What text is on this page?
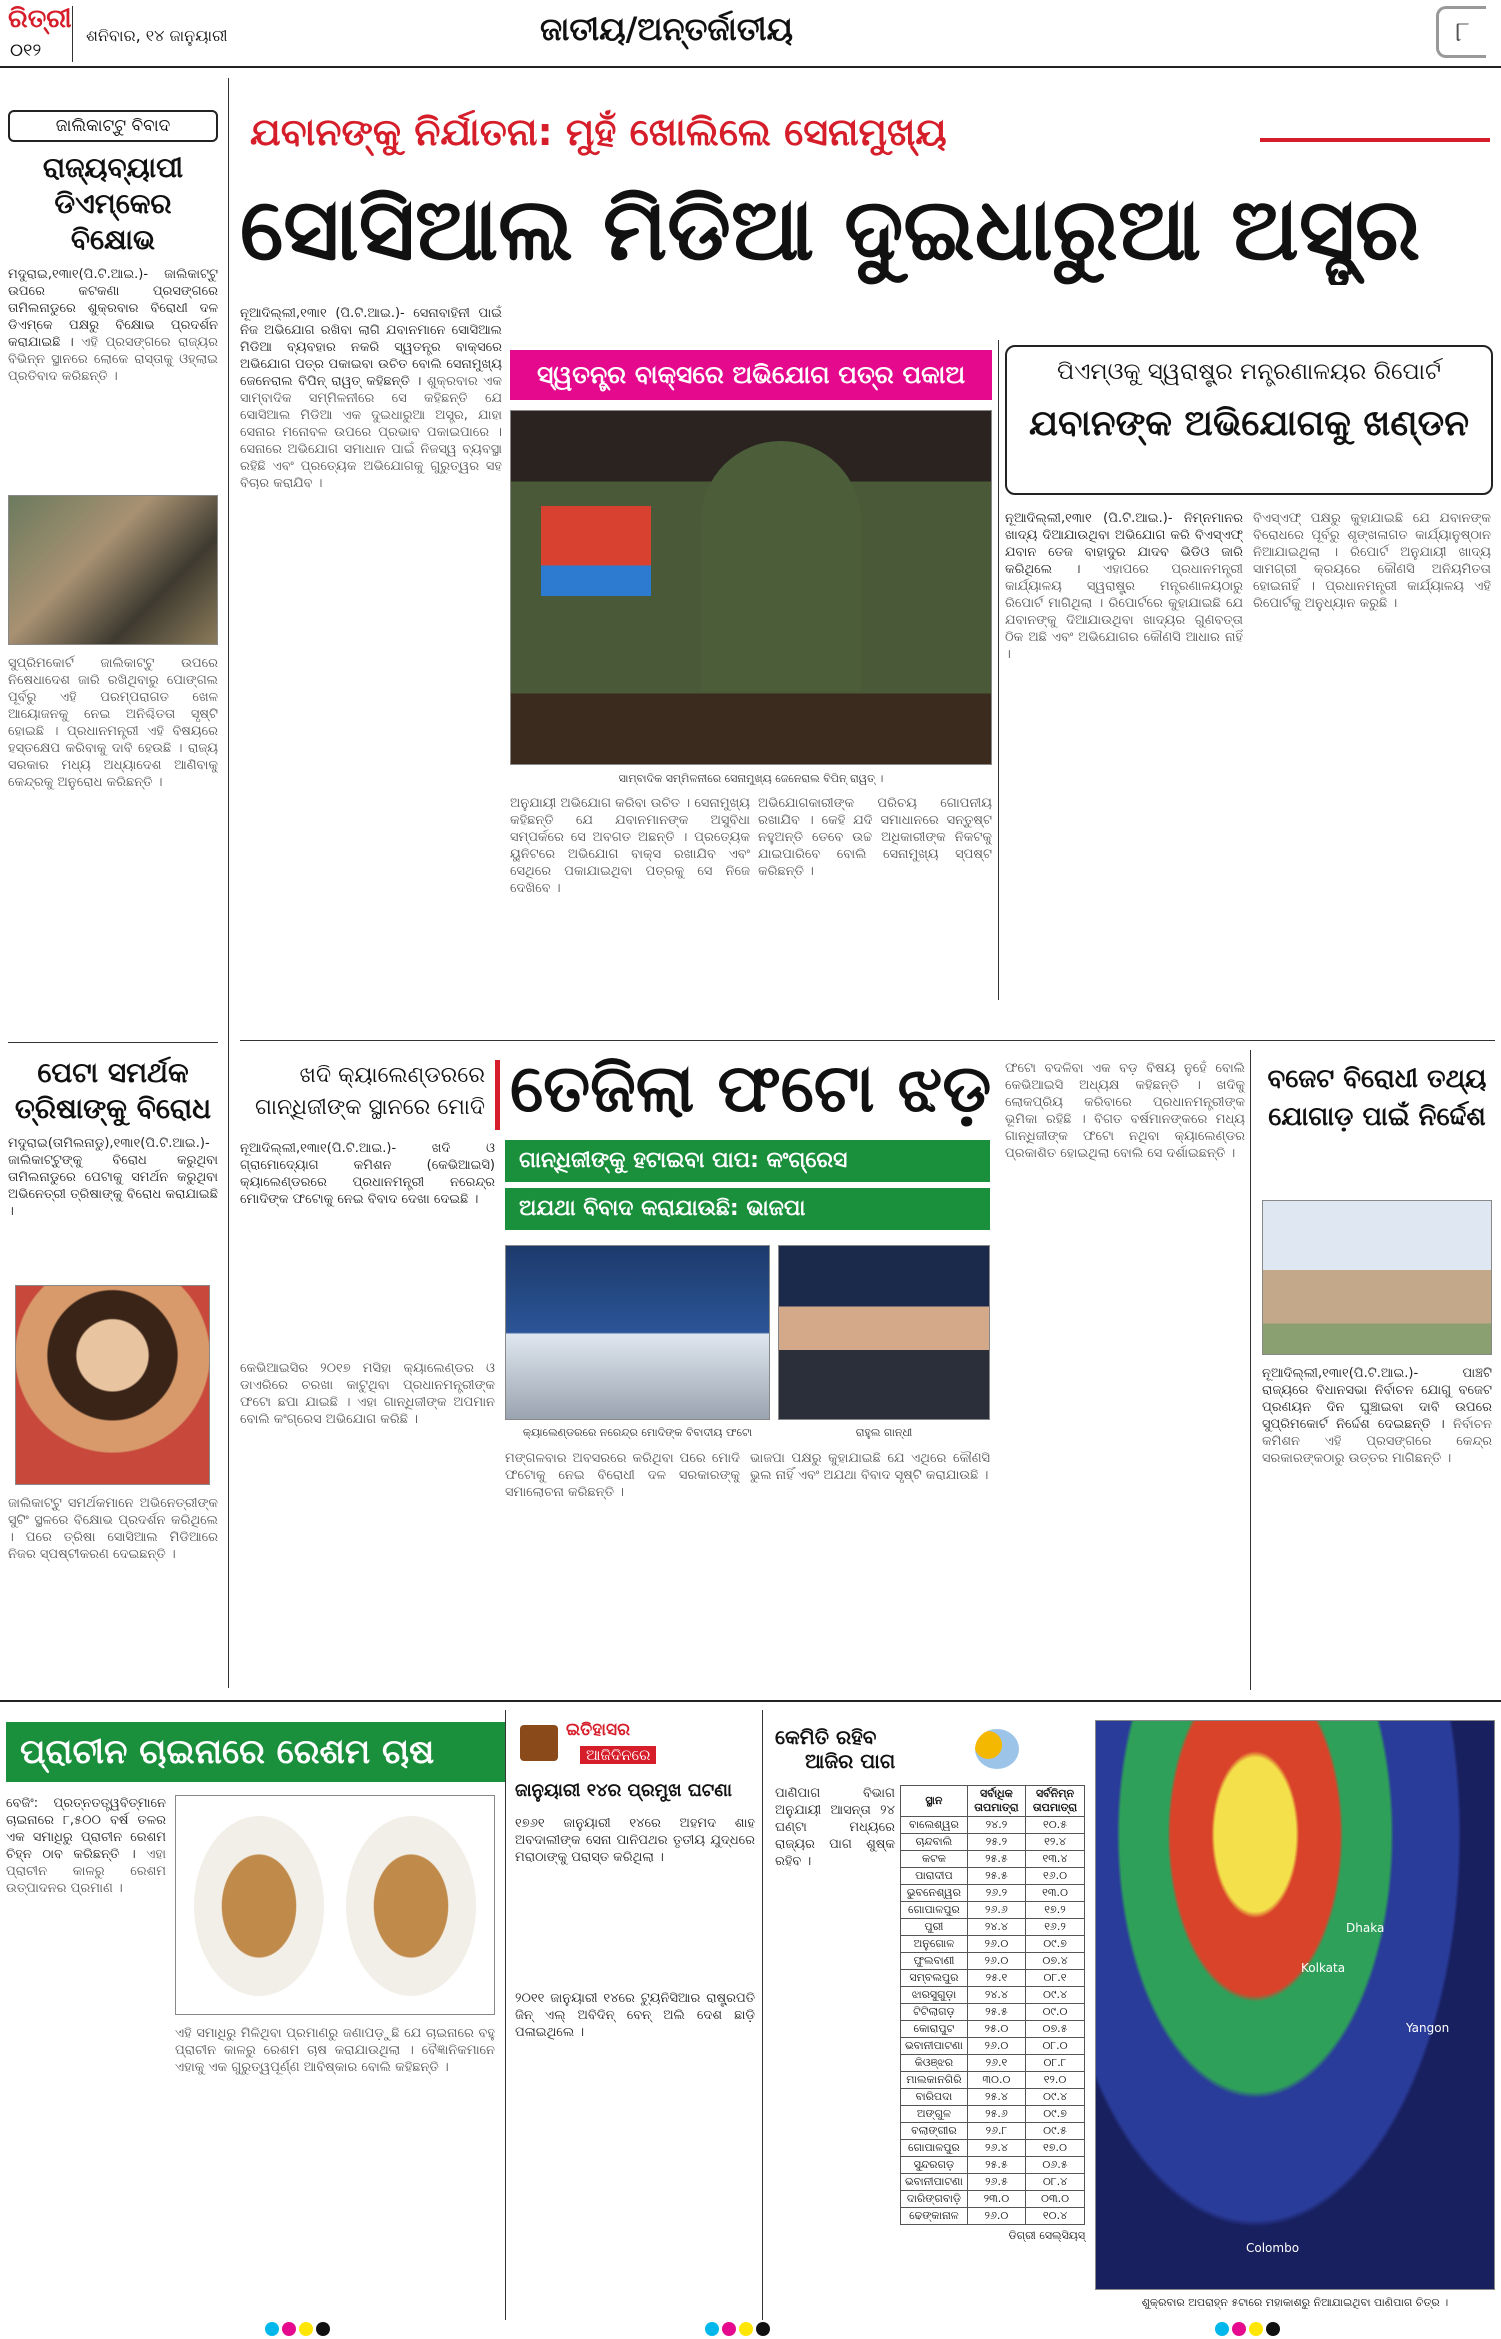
ରିତ୍ରୀ
୦୧୨
ଶନିବାର, ୧୪ ଜାନୁୟାରୀ	ଜାତୀୟ/ଅନ୍ତର୍ଜାତୀୟ	୮
ଜାଲିକାଟ୍ଟୁ ବିବାଦ
ରାଜ୍ୟବ୍ୟାପୀ ଡିଏମ୍‌କେର ବିକ୍ଷୋଭ
ମଦୁରାଇ,୧୩ା୧(ପି.ଟି.ଆଇ.)- ଜାଲିକାଟ୍ଟୁ ଉପରେ କଟକଣା ପ୍ରସଙ୍ଗରେ ତାମିଲନାଡୁରେ ଶୁକ୍ରବାର ବିରୋଧୀ ଦଳ ଡିଏମ୍‌କେ ପକ୍ଷରୁ ବିକ୍ଷୋଭ ପ୍ରଦର୍ଶନ କରାଯାଇଛି । ଏହି ପ୍ରସଙ୍ଗରେ ରାଜ୍ୟର ବିଭିନ୍ନ ସ୍ଥାନରେ ଲୋକେ ରାସ୍ତାକୁ ଓହ୍ଲାଇ ପ୍ରତିବାଦ କରିଛନ୍ତି ।
ସୁପ୍ରିମକୋର୍ଟ ଜାଲିକାଟ୍ଟୁ ଉପରେ ନିଷେଧାଦେଶ ଜାରି ରଖିଥିବାରୁ ପୋଙ୍ଗଲ ପୂର୍ବରୁ ଏହି ପରମ୍ପରାଗତ ଖେଳ ଆୟୋଜନକୁ ନେଇ ଅନିଶ୍ଚିତତା ସୃଷ୍ଟି ହୋଇଛି । ପ୍ରଧାନମନ୍ତ୍ରୀ ଏହି ବିଷୟରେ ହସ୍ତକ୍ଷେପ କରିବାକୁ ଦାବି ହେଉଛି । ରାଜ୍ୟ ସରକାର ମଧ୍ୟ ଅଧ୍ୟାଦେଶ ଆଣିବାକୁ କେନ୍ଦ୍ରକୁ ଅନୁରୋଧ କରିଛନ୍ତି ।
ପେଟା ସମର୍ଥକ ତ୍ରିଷାଙ୍କୁ ବିରୋଧ
ମଦୁରାଇ(ତାମିଲନାଡୁ),୧୩ା୧(ପି.ଟି.ଆଇ.)- ଜାଲିକାଟ୍ଟୁଙ୍କୁ ବିରୋଧ କରୁଥିବା ତାମିଲନାଡୁରେ ପେଟାକୁ ସମର୍ଥନ କରୁଥିବା ଅଭିନେତ୍ରୀ ତ୍ରିଷାଙ୍କୁ ବିରୋଧ କରାଯାଇଛି ।
ଜାଲିକାଟ୍ଟୁ ସମର୍ଥକମାନେ ଅଭିନେତ୍ରୀଙ୍କ ସୁଟିଂ ସ୍ଥଳରେ ବିକ୍ଷୋଭ ପ୍ରଦର୍ଶନ କରିଥିଲେ । ପରେ ତ୍ରିଷା ସୋସିଆଲ ମିଡିଆରେ ନିଜର ସ୍ପଷ୍ଟୀକରଣ ଦେଇଛନ୍ତି ।
ଯବାନଙ୍କୁ ନିର୍ଯାତନା: ମୁହଁ ଖୋଲିଲେ ସେନାମୁଖ୍ୟ
ସୋସିଆଲ ମିଡିଆ ଦୁଇଧାରୁଆ ଅସ୍ତ୍ର
ନୂଆଦିଲ୍ଲୀ,୧୩ା୧ (ପି.ଟି.ଆଇ.)- ସେନାବାହିନୀ ପାଇଁ ନିଜ ଅଭିଯୋଗ ରଖିବା ଲାଗି ଯବାନମାନେ ସୋସିଆଲ ମିଡିଆ ବ୍ୟବହାର ନକରି ସ୍ୱତନ୍ତ୍ର ବାକ୍ସରେ ଅଭିଯୋଗ ପତ୍ର ପକାଇବା ଉଚିତ ବୋଲି ସେନାମୁଖ୍ୟ ଜେନେରାଲ ବିପିନ୍ ରାୱତ୍ କହିଛନ୍ତି । ଶୁକ୍ରବାର ଏକ ସାମ୍ବାଦିକ ସମ୍ମିଳନୀରେ ସେ କହିଛନ୍ତି ଯେ ସୋସିଆଲ ମିଡିଆ ଏକ ଦୁଇଧାରୁଆ ଅସ୍ତ୍ର, ଯାହା ସେନାର ମନୋବଳ ଉପରେ ପ୍ରଭାବ ପକାଇପାରେ । ସେନାରେ ଅଭିଯୋଗ ସମାଧାନ ପାଇଁ ନିଜସ୍ୱ ବ୍ୟବସ୍ଥା ରହିଛି ଏବଂ ପ୍ରତ୍ୟେକ ଅଭିଯୋଗକୁ ଗୁରୁତ୍ୱର ସହ ବିଚାର କରାଯିବ ।
ସ୍ୱତନ୍ତ୍ର ବାକ୍ସରେ ଅଭିଯୋଗ ପତ୍ର ପକାଅ
ସାମ୍ବାଦିକ ସମ୍ମିଳନୀରେ ସେନାମୁଖ୍ୟ ଜେନେରାଲ ବିପିନ୍ ରାୱତ୍ ।
ଅନୁଯାୟୀ ଅଭିଯୋଗ କରିବା ଉଚିତ । ସେନାମୁଖ୍ୟ କହିଛନ୍ତି ଯେ ଯବାନମାନଙ୍କ ଅସୁବିଧା ସମ୍ପର୍କରେ ସେ ଅବଗତ ଅଛନ୍ତି । ପ୍ରତ୍ୟେକ ୟୁନିଟରେ ଅଭିଯୋଗ ବାକ୍ସ ରଖାଯିବ ଏବଂ ସେଥିରେ ପକାଯାଇଥିବା ପତ୍ରକୁ ସେ ନିଜେ ଦେଖିବେ ।
ଅଭିଯୋଗକାରୀଙ୍କ ପରିଚୟ ଗୋପନୀୟ ରଖାଯିବ । କେହି ଯଦି ସମାଧାନରେ ସନ୍ତୁଷ୍ଟ ନହୁଅନ୍ତି ତେବେ ଉଚ୍ଚ ଅଧିକାରୀଙ୍କ ନିକଟକୁ ଯାଇପାରିବେ ବୋଲି ସେନାମୁଖ୍ୟ ସ୍ପଷ୍ଟ କରିଛନ୍ତି ।
ପିଏମ୍‌ଓକୁ ସ୍ୱରାଷ୍ଟ୍ର ମନ୍ତ୍ରଣାଳୟର ରିପୋର୍ଟ
ଯବାନଙ୍କ ଅଭିଯୋଗକୁ ଖଣ୍ଡନ
ନୂଆଦିଲ୍ଲୀ,୧୩ା୧ (ପି.ଟି.ଆଇ.)- ନିମ୍ନମାନର ଖାଦ୍ୟ ଦିଆଯାଉଥିବା ଅଭିଯୋଗ କରି ବିଏସ୍‌ଏଫ୍ ଯବାନ ତେଜ ବାହାଦୁର ଯାଦବ ଭିଡିଓ ଜାରି କରିଥିଲେ । ଏହାପରେ ପ୍ରଧାନମନ୍ତ୍ରୀ କାର୍ଯ୍ୟାଳୟ ସ୍ୱରାଷ୍ଟ୍ର ମନ୍ତ୍ରଣାଳୟଠାରୁ ରିପୋର୍ଟ ମାଗିଥିଲା । ରିପୋର୍ଟରେ କୁହାଯାଇଛି ଯେ ଯବାନଙ୍କୁ ଦିଆଯାଉଥିବା ଖାଦ୍ୟର ଗୁଣବତ୍ତା ଠିକ ଅଛି ଏବଂ ଅଭିଯୋଗର କୌଣସି ଆଧାର ନାହିଁ ।
ବିଏସ୍‌ଏଫ୍ ପକ୍ଷରୁ କୁହାଯାଇଛି ଯେ ଯବାନଙ୍କ ବିରୋଧରେ ପୂର୍ବରୁ ଶୃଙ୍ଖଳାଗତ କାର୍ଯ୍ୟାନୁଷ୍ଠାନ ନିଆଯାଇଥିଲା । ରିପୋର୍ଟ ଅନୁଯାୟୀ ଖାଦ୍ୟ ସାମଗ୍ରୀ କ୍ରୟରେ କୌଣସି ଅନିୟମିତତା ହୋଇନାହିଁ । ପ୍ରଧାନମନ୍ତ୍ରୀ କାର୍ଯ୍ୟାଳୟ ଏହି ରିପୋର୍ଟକୁ ଅନୁଧ୍ୟାନ କରୁଛି ।
ଖଦି କ୍ୟାଲେଣ୍ଡରରେ ଗାନ୍ଧିଜୀଙ୍କ ସ୍ଥାନରେ ମୋଦି ତେଜିଲା ଫଟୋ ଝଡ଼
ଗାନ୍ଧିଜୀଙ୍କୁ ହଟାଇବା ପାପ: କଂଗ୍ରେସ
ଅଯଥା ବିବାଦ କରାଯାଉଛି: ଭାଜପା
ନୂଆଦିଲ୍ଲୀ,୧୩ା୧(ପି.ଟି.ଆଇ.)- ଖଦି ଓ ଗ୍ରାମୋଦ୍ୟୋଗ କମିଶନ (କେଭିଆଇସି) କ୍ୟାଲେଣ୍ଡରରେ ପ୍ରଧାନମନ୍ତ୍ରୀ ନରେନ୍ଦ୍ର ମୋଦିଙ୍କ ଫଟୋକୁ ନେଇ ବିବାଦ ଦେଖା ଦେଇଛି ।
କ୍ୟାଲେଣ୍ଡରରେ ନରେନ୍ଦ୍ର ମୋଦିଙ୍କ ବିବାଦୀୟ ଫଟୋ	ରାହୁଲ ଗାନ୍ଧୀ
କେଭିଆଇସିର ୨୦୧୭ ମସିହା କ୍ୟାଲେଣ୍ଡର ଓ ଡାଏରିରେ ଚରଖା କାଟୁଥିବା ପ୍ରଧାନମନ୍ତ୍ରୀଙ୍କ ଫଟୋ ଛପା ଯାଇଛି । ଏହା ଗାନ୍ଧିଜୀଙ୍କ ଅପମାନ ବୋଲି କଂଗ୍ରେସ ଅଭିଯୋଗ କରିଛି ।
ମଙ୍ଗଳବାର ଅବସରରେ କରିଥିବା ପରେ ମୋଦି ଫଟୋକୁ ନେଇ ବିରୋଧୀ ଦଳ ସରକାରଙ୍କୁ ସମାଲୋଚନା କରିଛନ୍ତି ।
ଭାଜପା ପକ୍ଷରୁ କୁହାଯାଇଛି ଯେ ଏଥିରେ କୌଣସି ଭୁଲ ନାହିଁ ଏବଂ ଅଯଥା ବିବାଦ ସୃଷ୍ଟି କରାଯାଉଛି ।
ଫଟୋ ବଦଳିବା ଏକ ବଡ଼ ବିଷୟ ନୁହେଁ ବୋଲି କେଭିଆଇସି ଅଧ୍ୟକ୍ଷ କହିଛନ୍ତି । ଖଦିକୁ ଲୋକପ୍ରିୟ କରିବାରେ ପ୍ରଧାନମନ୍ତ୍ରୀଙ୍କ ଭୂମିକା ରହିଛି । ବିଗତ ବର୍ଷମାନଙ୍କରେ ମଧ୍ୟ ଗାନ୍ଧିଜୀଙ୍କ ଫଟୋ ନଥିବା କ୍ୟାଲେଣ୍ଡର ପ୍ରକାଶିତ ହୋଇଥିଲା ବୋଲି ସେ ଦର୍ଶାଇଛନ୍ତି ।
ବଜେଟ ବିରୋଧୀ ତଥ୍ୟ ଯୋଗାଡ଼ ପାଇଁ ନିର୍ଦ୍ଦେଶ
ନୂଆଦିଲ୍ଲୀ,୧୩ା୧(ପି.ଟି.ଆଇ.)- ପାଞ୍ଚଟି ରାଜ୍ୟରେ ବିଧାନସଭା ନିର୍ବାଚନ ଯୋଗୁ ବଜେଟ ପ୍ରଣୟନ ଦିନ ଘୁଞ୍ଚାଇବା ଦାବି ଉପରେ ସୁପ୍ରିମକୋର୍ଟ ନିର୍ଦ୍ଦେଶ ଦେଇଛନ୍ତି । ନିର୍ବାଚନ କମିଶନ ଏହି ପ୍ରସଙ୍ଗରେ କେନ୍ଦ୍ର ସରକାରଙ୍କଠାରୁ ଉତ୍ତର ମାଗିଛନ୍ତି ।
ପ୍ରାଚୀନ ଚାଇନାରେ ରେଶମ ଚାଷ
ବେଜିଂ: ପ୍ରତ୍ନତତ୍ତ୍ୱବିତ୍‌ମାନେ ଚାଇନାରେ ୮,୫୦୦ ବର୍ଷ ତଳର ଏକ ସମାଧିରୁ ପ୍ରାଚୀନ ରେଶମ ଚିହ୍ନ ଠାବ କରିଛନ୍ତି । ଏହା ପ୍ରାଚୀନ କାଳରୁ ରେଶମ ଉତ୍ପାଦନର ପ୍ରମାଣ ।
ଏହି ସମାଧିରୁ ମିଳିଥିବା ପ୍ରମାଣରୁ ଜଣାପଡ଼ୁଛି ଯେ ଚାଇନାରେ ବହୁ ପ୍ରାଚୀନ କାଳରୁ ରେଶମ ଚାଷ କରାଯାଉଥିଲା । ବୈଜ୍ଞାନିକମାନେ ଏହାକୁ ଏକ ଗୁରୁତ୍ୱପୂର୍ଣ୍ଣ ଆବିଷ୍କାର ବୋଲି କହିଛନ୍ତି ।
ଇତିହାସର
ଆଜିଦିନରେ
ଜାନୁୟାରୀ ୧୪ର ପ୍ରମୁଖ ଘଟଣା
୧୭୬୧ ଜାନୁୟାରୀ ୧୪ରେ ଅହମଦ ଶାହ ଅବଦାଲୀଙ୍କ ସେନା ପାନିପଥର ତୃତୀୟ ଯୁଦ୍ଧରେ ମରାଠାଙ୍କୁ ପରାସ୍ତ କରିଥିଲା ।
୨୦୧୧ ଜାନୁୟାରୀ ୧୪ରେ ଟ୍ୟୁନିସିଆର ରାଷ୍ଟ୍ରପତି ଜିନ୍ ଏଲ୍ ଅବିଦିନ୍ ବେନ୍ ଅଲି ଦେଶ ଛାଡ଼ି ପଳାଇଥିଲେ ।
କେମିତି ରହିବ
ଆଜିର ପାଗ
ପାଣିପାଗ ବିଭାଗ ଅନୁଯାୟୀ ଆସନ୍ତା ୨୪ ଘଣ୍ଟା ମଧ୍ୟରେ ରାଜ୍ୟର ପାଗ ଶୁଷ୍କ ରହିବ ।
ସ୍ଥାନ	ସର୍ବାଧିକ ତାପମାତ୍ରା	ସର୍ବନିମ୍ନ ତାପମାତ୍ରା
ବାଲେଶ୍ୱର	୨୪.୨	୧୦.୫
ଚାନ୍ଦବାଲି	୨୫.୨	୧୨.୪
କଟକ	୨୫.୫	୧୩.୪
ପାରାଦୀପ	୨୫.୫	୧୬.୦
ଭୁବନେଶ୍ୱର	୨୬.୨	୧୩.୦
ଗୋପାଳପୁର	୨୬.୬	୧୭.୨
ପୁରୀ	୨୪.୪	୧୬.୨
ଅନୁଗୋଳ	୨୬.୦	୦୯.୭
ଫୁଲବାଣୀ	୨୬.୦	୦୭.୪
ସମ୍ବଲପୁର	୨୫.୧	୦୮.୧
ଝାରସୁଗୁଡ଼ା	୨୪.୪	୦୯.୪
ଟିଟିଲାଗଡ଼	୨୫.୫	୦୯.୦
କୋରାପୁଟ	୨୫.୦	୦୭.୫
ଭବାନୀପାଟଣା	୨୬.୦	୦୮.୦
କିଓଞ୍ଝର	୨୬.୧	୦୮.୮
ମାଲକାନଗିରି	୩୦.୦	୧୨.୦
ବାରିପଦା	୨୫.୪	୦୯.୪
ଅଙ୍ଗୁଳ	୨୫.୬	୦୯.୭
ବଲାଙ୍ଗୀର	୨୬.୮	୦୯.୫
ଗୋପାଳପୁର	୨୬.୪	୧୭.୦
ସୁନ୍ଦରଗଡ଼	୨୫.୫	୦୬.୫
ଭବାନୀପାଟଣା	୨୬.୫	୦୮.୪
ଦାରିଙ୍ଗବାଡ଼ି	୨୩.୦	୦୩.୦
ଢେଙ୍କାନାଳ	୨୬.୦	୧୦.୪
ଡିଗ୍ରୀ ସେଲ୍‌ସିୟସ୍‌
Dhaka
Yangon
Colombo
Kolkata
ଶୁକ୍ରବାର ଅପରାହ୍ନ ୫ଟାରେ ମହାକାଶରୁ ନିଆଯାଇଥିବା ପାଣିପାଗ ଚିତ୍ର ।
